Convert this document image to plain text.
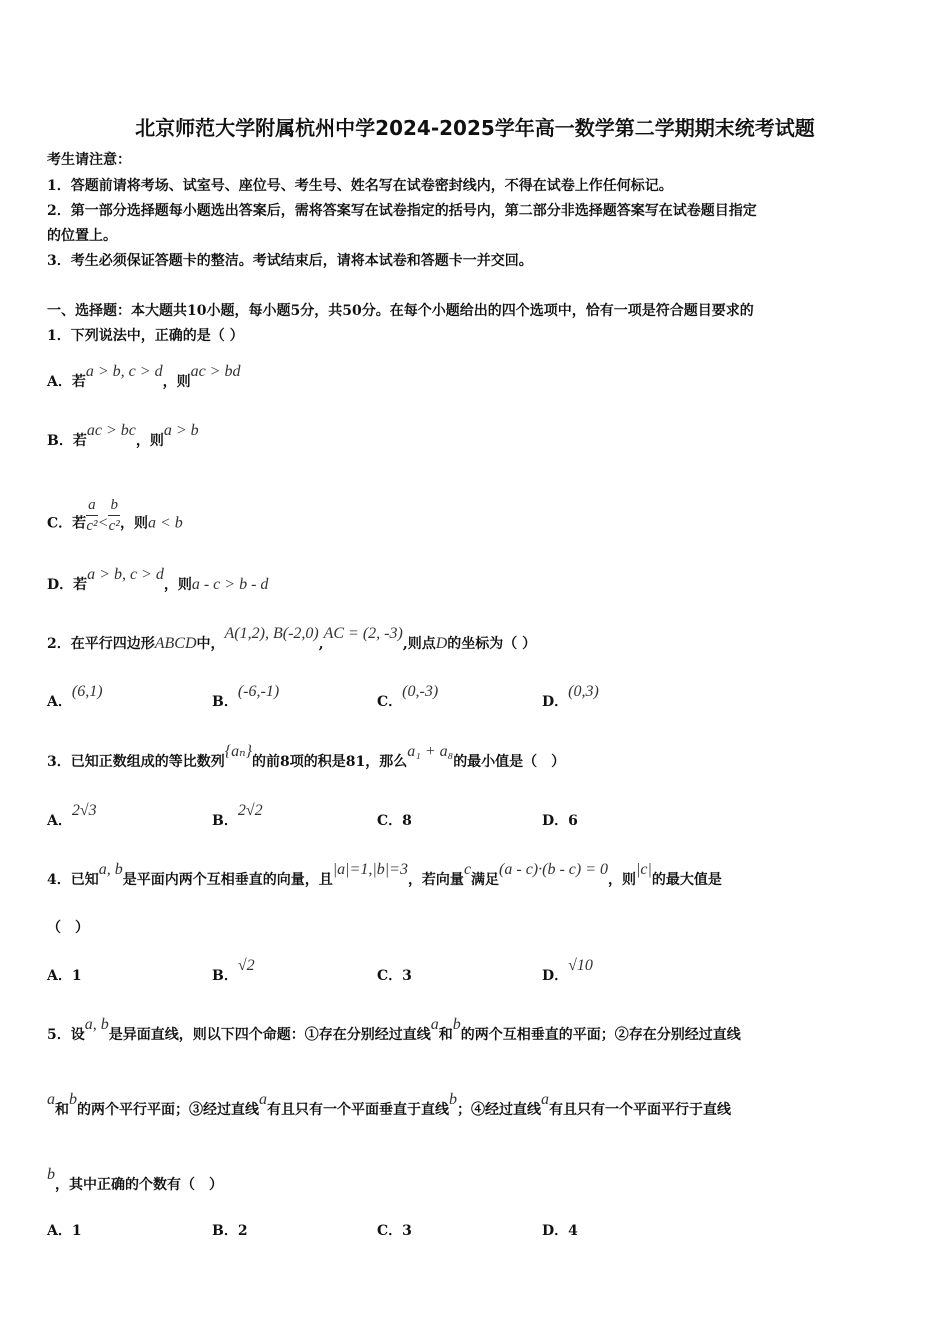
北京师范大学附属杭州中学2024-2025学年高一数学第二学期期末统考试题
考生请注意：
1．答题前请将考场、试室号、座位号、考生号、姓名写在试卷密封线内，不得在试卷上作任何标记。
2．第一部分选择题每小题选出答案后，需将答案写在试卷指定的括号内，第二部分非选择题答案写在试卷题目指定
的位置上。
3．考生必须保证答题卡的整洁。考试结束后，请将本试卷和答题卡一并交回。
一、选择题：本大题共10小题，每小题5分，共50分。在每个小题给出的四个选项中，恰有一项是符合题目要求的
1．下列说法中，正确的是（ ）
A．若a > b, c > d，则ac > bd
B．若ac > bc，则a > b
C．若 $\frac{a}{\text{c²}} < \frac{b}{\text{c²}}$ ，则a < b
D．若a > b, c > d，则a - c > b - d
2．在平行四边形ABCD中，A(1,2), B(-2,0),AC = (2, -3),则点D的坐标为（ ）
A．(6,1)
B．(-6,-1)
C．(0,-3)
D．(0,3)
3．已知正数组成的等比数列{aₙ}的前8项的积是81，那么a₁ + a₈的最小值是（　）
A．2√3
B．2√2
C．8	D．6
4．已知a, b是平面内两个互相垂直的向量，且|a|=1,|b|=3，若向量c满足(a - c)·(b - c) = 0，则|c|的最大值是
（　）
A．1	B．√2
C．3	D．√10
5．设a, b是异面直线，则以下四个命题：①存在分别经过直线a和b的两个互相垂直的平面；②存在分别经过直线
a和b的两个平行平面；③经过直线a有且只有一个平面垂直于直线b；④经过直线a有且只有一个平面平行于直线
b，其中正确的个数有（　）
A．1	B．2	C．3	D．4
